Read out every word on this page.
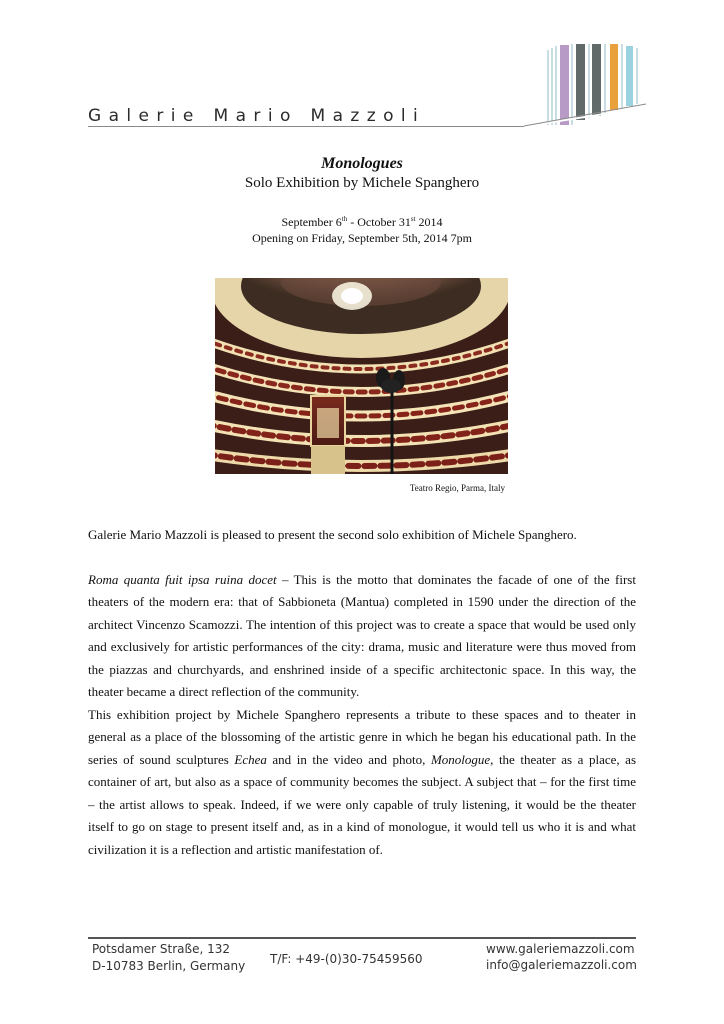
Galerie Mario Mazzoli
Monologues
Solo Exhibition by Michele Spanghero
September 6th - October 31st 2014
Opening on Friday, September 5th, 2014 7pm
Teatro Regio, Parma, Italy

Galerie Mario Mazzoli is pleased to present the second solo exhibition of Michele Spanghero.

Roma quanta fuit ipsa ruina docet – This is the motto that dominates the facade of one of the first theaters of the modern era: that of Sabbioneta (Mantua) completed in 1590 under the direction of the architect Vincenzo Scamozzi. The intention of this project was to create a space that would be used only and exclusively for artistic performances of the city: drama, music and literature were thus moved from the piazzas and churchyards, and enshrined inside of a specific architectonic space. In this way, the theater became a direct reflection of the community.

This exhibition project by Michele Spanghero represents a tribute to these spaces and to theater in general as a place of the blossoming of the artistic genre in which he began his educational path. In the series of sound sculptures Echea and in the video and photo, Monologue, the theater as a place, as container of art, but also as a space of community becomes the subject. A subject that – for the first time – the artist allows to speak. Indeed, if we were only capable of truly listening, it would be the theater itself to go on stage to present itself and, as in a kind of monologue, it would tell us who it is and what civilization it is a reflection and artistic manifestation of.

Potsdamer Straße, 132
D-10783 Berlin, Germany T/F: +49-(0)30-75459560
www.galeriemazzoli.com
info@galeriemazzoli.com
